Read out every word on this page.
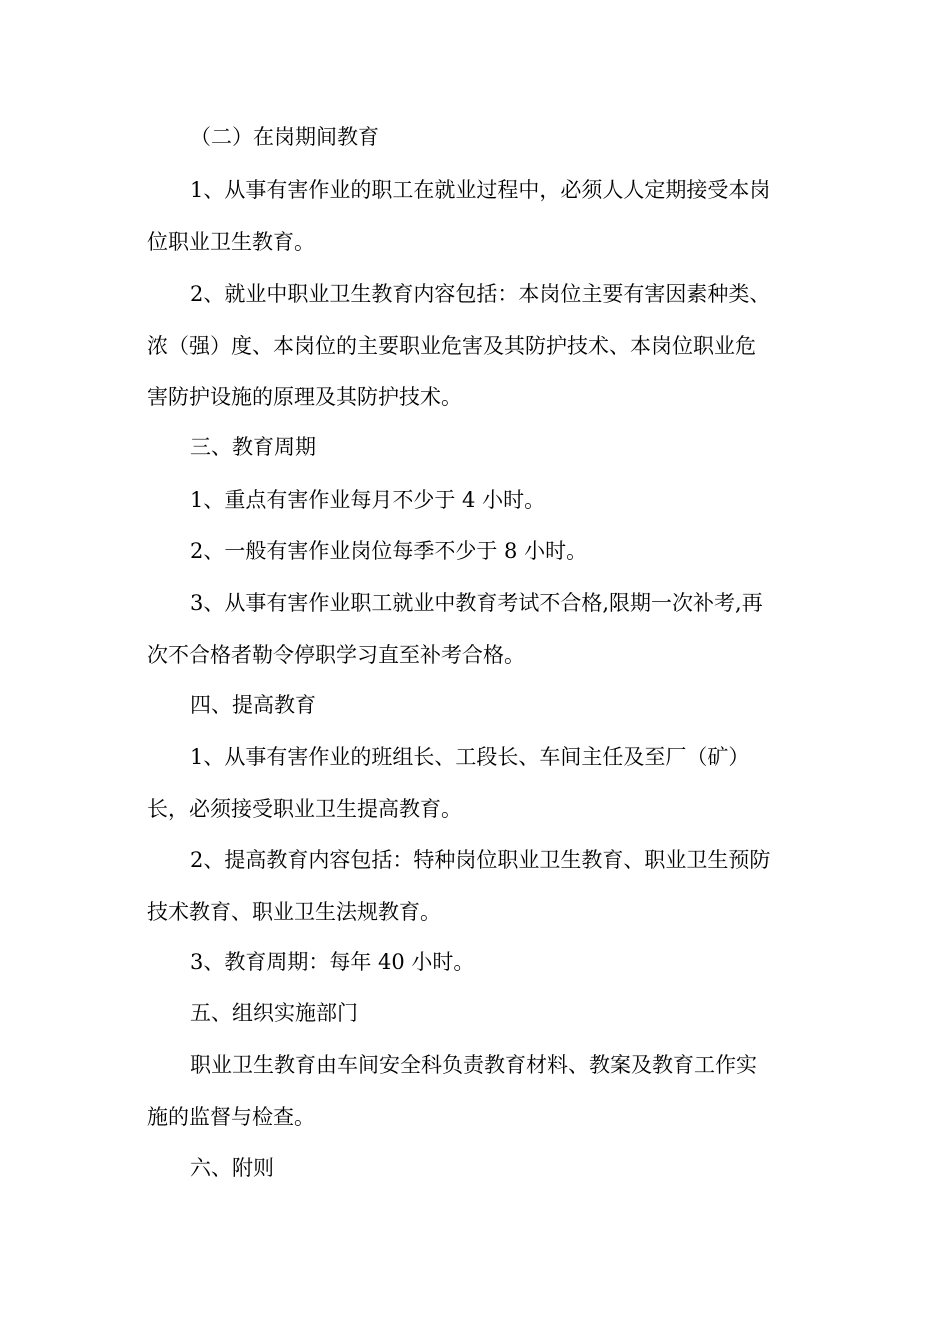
（二）在岗期间教育
1、从事有害作业的职工在就业过程中，必须人人定期接受本岗
位职业卫生教育。
2、就业中职业卫生教育内容包括：本岗位主要有害因素种类、
浓（强）度、本岗位的主要职业危害及其防护技术、本岗位职业危
害防护设施的原理及其防护技术。
三、教育周期
1、重点有害作业每月不少于 4 小时。
2、一般有害作业岗位每季不少于 8 小时。
3、从事有害作业职工就业中教育考试不合格,限期一次补考,再
次不合格者勒令停职学习直至补考合格。
四、提高教育
1、从事有害作业的班组长、工段长、车间主任及至厂（矿）
长，必须接受职业卫生提高教育。
2、提高教育内容包括：特种岗位职业卫生教育、职业卫生预防
技术教育、职业卫生法规教育。
3、教育周期：每年 40 小时。
五、组织实施部门
职业卫生教育由车间安全科负责教育材料、教案及教育工作实
施的监督与检查。
六、附则
